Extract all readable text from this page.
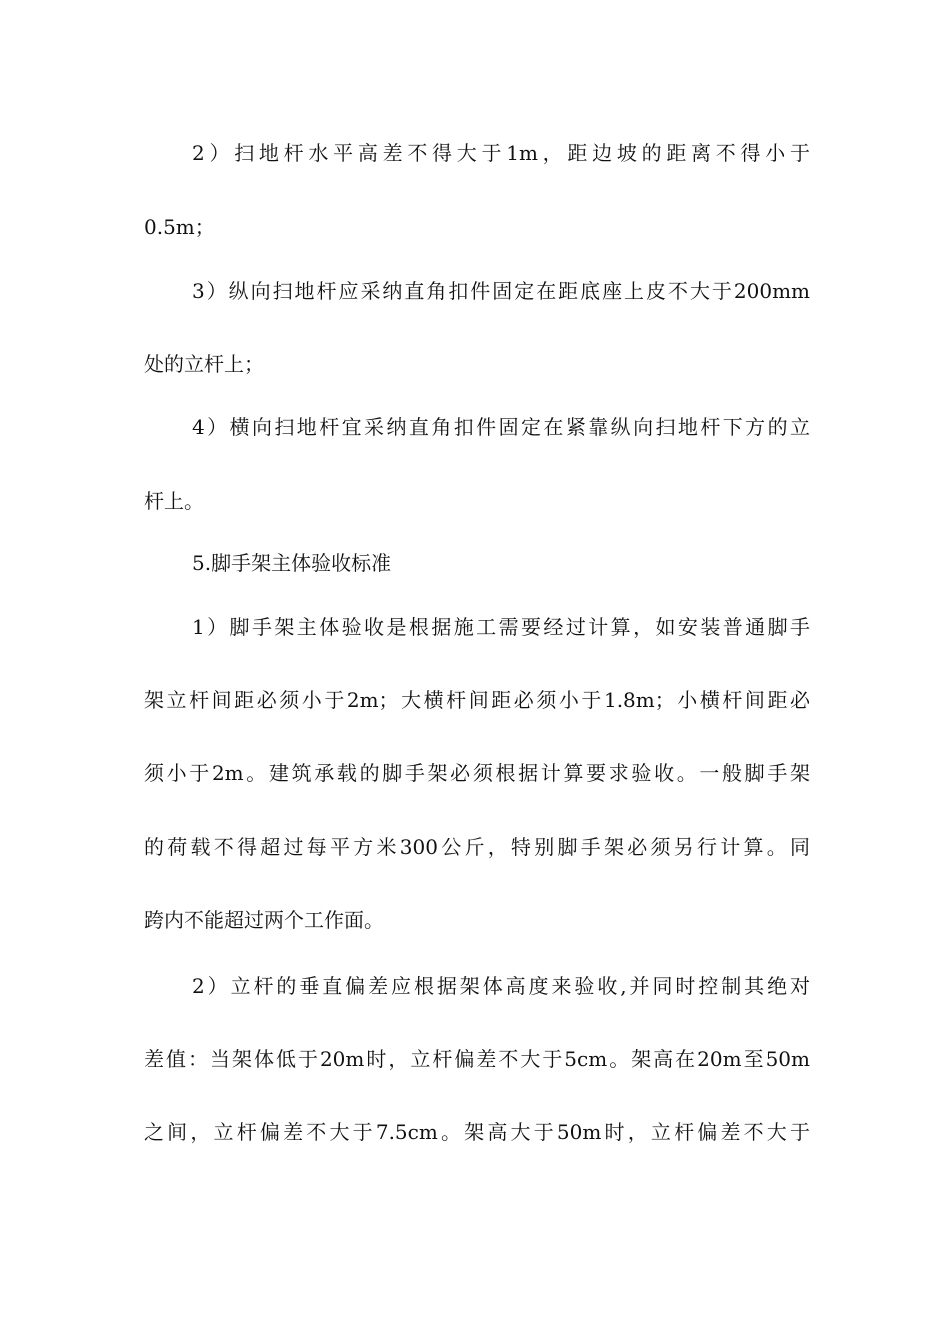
2）扫地杆水平高差不得大于1m，距边坡的距离不得小于
0.5m；
3）纵向扫地杆应采纳直角扣件固定在距底座上皮不大于200mm
处的立杆上；
4）横向扫地杆宜采纳直角扣件固定在紧靠纵向扫地杆下方的立
杆上。
5.脚手架主体验收标准
1）脚手架主体验收是根据施工需要经过计算，如安装普通脚手
架立杆间距必须小于2m；大横杆间距必须小于1.8m；小横杆间距必
须小于2m。建筑承载的脚手架必须根据计算要求验收。一般脚手架
的荷载不得超过每平方米300公斤，特别脚手架必须另行计算。同
跨内不能超过两个工作面。
2）立杆的垂直偏差应根据架体高度来验收,并同时控制其绝对
差值：当架体低于20m时，立杆偏差不大于5cm。架高在20m至50m
之间，立杆偏差不大于7.5cm。架高大于50m时，立杆偏差不大于
